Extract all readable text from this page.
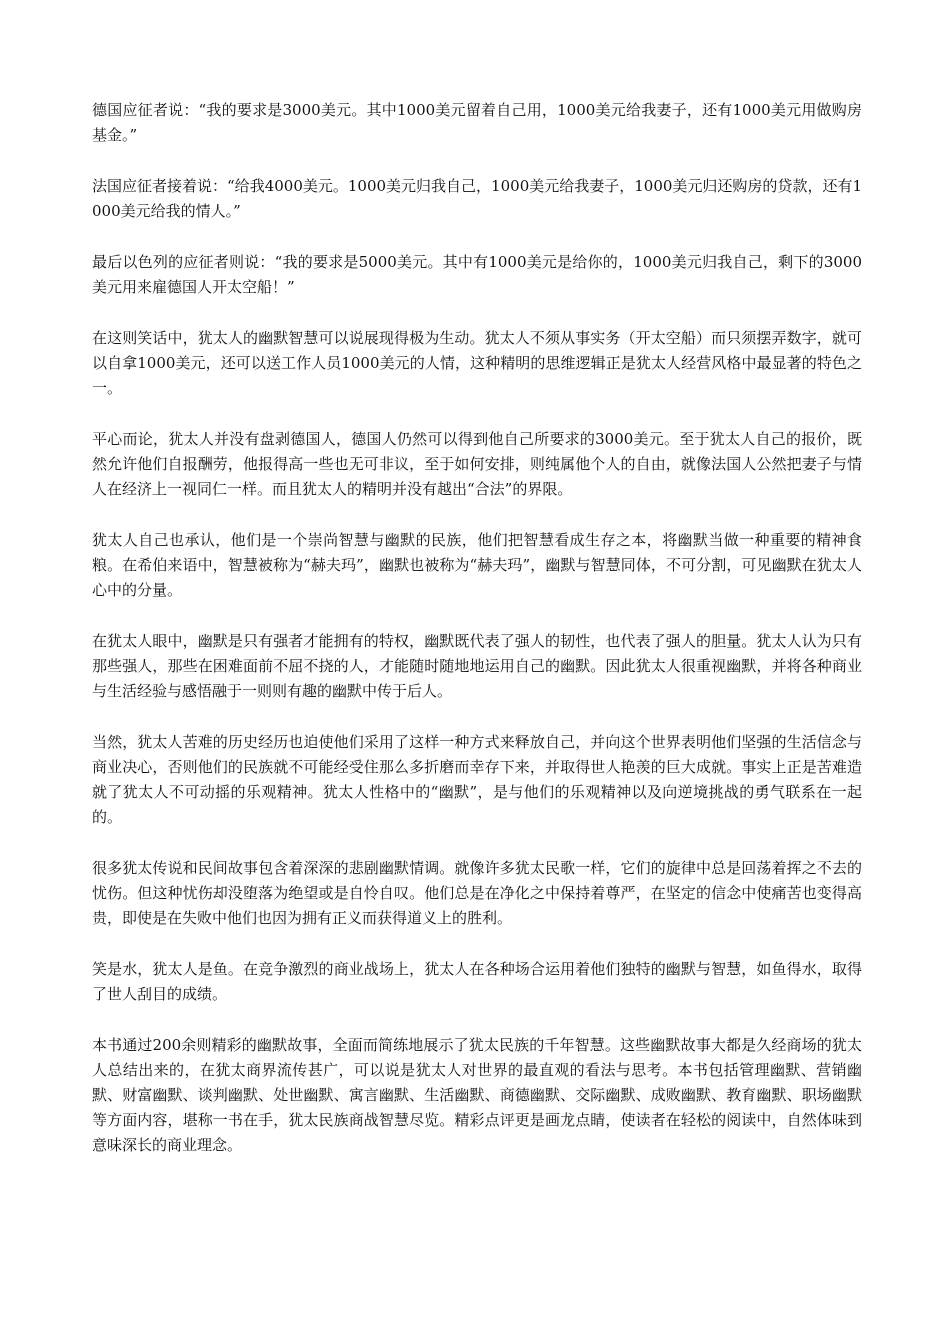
德国应征者说：“我的要求是3000美元。其中1000美元留着自己用，1000美元给我妻子，还有1000美元用做购房基金。”

法国应征者接着说：“给我4000美元。1000美元归我自己，1000美元给我妻子，1000美元归还购房的贷款，还有1000美元给我的情人。”

最后以色列的应征者则说：“我的要求是5000美元。其中有1000美元是给你的，1000美元归我自己，剩下的3000美元用来雇德国人开太空船！”

在这则笑话中，犹太人的幽默智慧可以说展现得极为生动。犹太人不须从事实务（开太空船）而只须摆弄数字，就可以自拿1000美元，还可以送工作人员1000美元的人情，这种精明的思维逻辑正是犹太人经营风格中最显著的特色之一。

平心而论，犹太人并没有盘剥德国人，德国人仍然可以得到他自己所要求的3000美元。至于犹太人自己的报价，既然允许他们自报酬劳，他报得高一些也无可非议，至于如何安排，则纯属他个人的自由，就像法国人公然把妻子与情人在经济上一视同仁一样。而且犹太人的精明并没有越出“合法”的界限。

犹太人自己也承认，他们是一个崇尚智慧与幽默的民族，他们把智慧看成生存之本，将幽默当做一种重要的精神食粮。在希伯来语中，智慧被称为“赫夫玛”，幽默也被称为“赫夫玛”，幽默与智慧同体，不可分割，可见幽默在犹太人心中的分量。

在犹太人眼中，幽默是只有强者才能拥有的特权，幽默既代表了强人的韧性，也代表了强人的胆量。犹太人认为只有那些强人，那些在困难面前不屈不挠的人，才能随时随地地运用自己的幽默。因此犹太人很重视幽默，并将各种商业与生活经验与感悟融于一则则有趣的幽默中传于后人。

当然，犹太人苦难的历史经历也迫使他们采用了这样一种方式来释放自己，并向这个世界表明他们坚强的生活信念与商业决心，否则他们的民族就不可能经受住那么多折磨而幸存下来，并取得世人艳羡的巨大成就。事实上正是苦难造就了犹太人不可动摇的乐观精神。犹太人性格中的“幽默”，是与他们的乐观精神以及向逆境挑战的勇气联系在一起的。

很多犹太传说和民间故事包含着深深的悲剧幽默情调。就像许多犹太民歌一样，它们的旋律中总是回荡着挥之不去的忧伤。但这种忧伤却没堕落为绝望或是自怜自叹。他们总是在净化之中保持着尊严，在坚定的信念中使痛苦也变得高贵，即使是在失败中他们也因为拥有正义而获得道义上的胜利。

笑是水，犹太人是鱼。在竞争激烈的商业战场上，犹太人在各种场合运用着他们独特的幽默与智慧，如鱼得水，取得了世人刮目的成绩。

本书通过200余则精彩的幽默故事，全面而简练地展示了犹太民族的千年智慧。这些幽默故事大都是久经商场的犹太人总结出来的，在犹太商界流传甚广，可以说是犹太人对世界的最直观的看法与思考。本书包括管理幽默、营销幽默、财富幽默、谈判幽默、处世幽默、寓言幽默、生活幽默、商德幽默、交际幽默、成败幽默、教育幽默、职场幽默等方面内容，堪称一书在手，犹太民族商战智慧尽览。精彩点评更是画龙点睛，使读者在轻松的阅读中，自然体味到意味深长的商业理念。
